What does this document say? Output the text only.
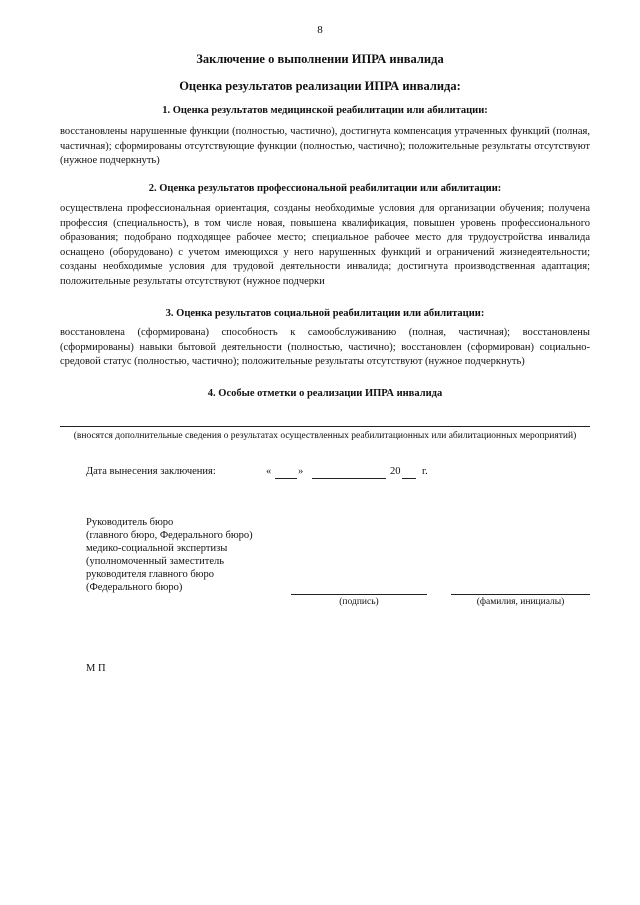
8
Заключение о выполнении ИПРА инвалида
Оценка результатов реализации ИПРА инвалида:
1. Оценка результатов медицинской реабилитации или абилитации:
восстановлены нарушенные функции (полностью, частично), достигнута компенсация утраченных функций (полная, частичная); сформированы отсутствующие функции (полностью, частично); положительные результаты отсутствуют (нужное подчеркнуть)
2. Оценка результатов профессиональной реабилитации или абилитации:
осуществлена профессиональная ориентация, созданы необходимые условия для организации обучения; получена профессия (специальность), в том числе новая, повышена квалификация, повышен уровень профессионального образования; подобрано подходящее рабочее место; специальное рабочее место для трудоустройства инвалида оснащено (оборудовано) с учетом имеющихся у него нарушенных функций и ограничений жизнедеятельности; созданы необходимые условия для трудовой деятельности инвалида; достигнута производственная адаптация; положительные результаты отсутствуют (нужное подчерки
3. Оценка результатов социальной реабилитации или абилитации:
восстановлена (сформирована) способность к самообслуживанию (полная, частичная); восстановлены (сформированы) навыки бытовой деятельности (полностью, частично); восстановлен (сформирован) социально-средовой статус (полностью, частично); положительные результаты отсутствуют (нужное подчеркнуть)
4. Особые отметки о реализации ИПРА инвалида
(вносятся дополнительные сведения о результатах осуществленных реабилитационных или абилитационных мероприятий)
Дата вынесения заключения:	«	»	20 г.
Руководитель бюро
(главного бюро, Федерального бюро)
медико-социальной экспертизы
(уполномоченный заместитель
руководителя главного бюро
(Федерального бюро)
(подпись)	(фамилия, инициалы)
М П
